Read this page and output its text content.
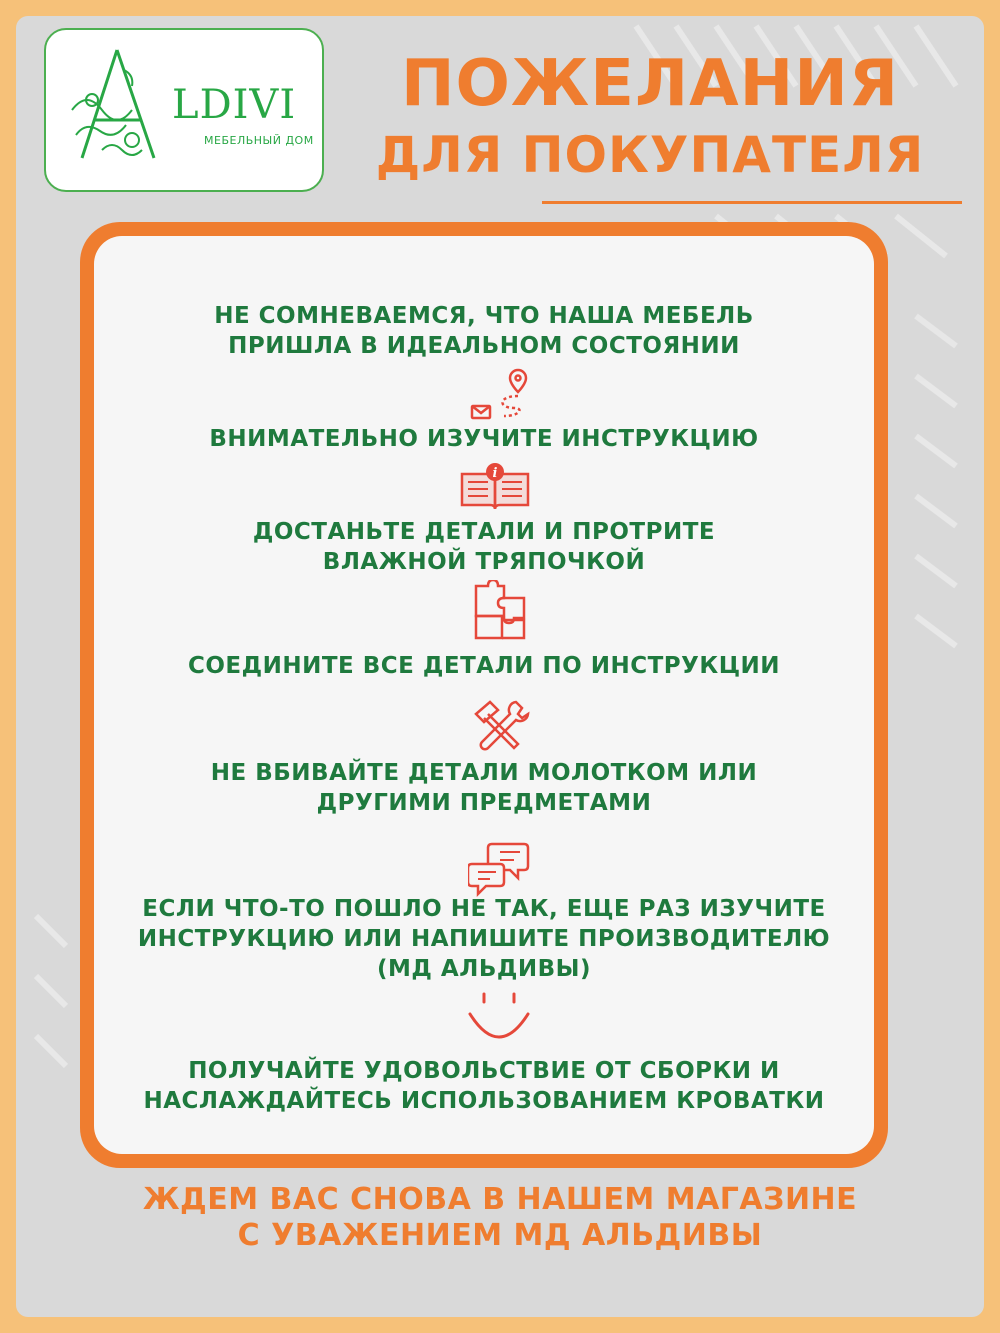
LDIVI
МЕБЕЛЬНЫЙ ДОМ
ПОЖЕЛАНИЯ
ДЛЯ ПОКУПАТЕЛЯ
i
НЕ СОМНЕВАЕМСЯ, ЧТО НАША МЕБЕЛЬ
ПРИШЛА В ИДЕАЛЬНОМ СОСТОЯНИИ
ВНИМАТЕЛЬНО ИЗУЧИТЕ ИНСТРУКЦИЮ
ДОСТАНЬТЕ ДЕТАЛИ И ПРОТРИТЕ
ВЛАЖНОЙ ТРЯПОЧКОЙ
СОЕДИНИТЕ ВСЕ ДЕТАЛИ ПО ИНСТРУКЦИИ
НЕ ВБИВАЙТЕ ДЕТАЛИ МОЛОТКОМ ИЛИ
ДРУГИМИ ПРЕДМЕТАМИ
ЕСЛИ ЧТО-ТО ПОШЛО НЕ ТАК, ЕЩЕ РАЗ ИЗУЧИТЕ
ИНСТРУКЦИЮ ИЛИ НАПИШИТЕ ПРОИЗВОДИТЕЛЮ
(МД АЛЬДИВЫ)
ПОЛУЧАЙТЕ УДОВОЛЬСТВИЕ ОТ СБОРКИ И
НАСЛАЖДАЙТЕСЬ ИСПОЛЬЗОВАНИЕМ КРОВАТКИ
ЖДЕМ ВАС СНОВА В НАШЕМ МАГАЗИНЕ
С УВАЖЕНИЕМ МД АЛЬДИВЫ
